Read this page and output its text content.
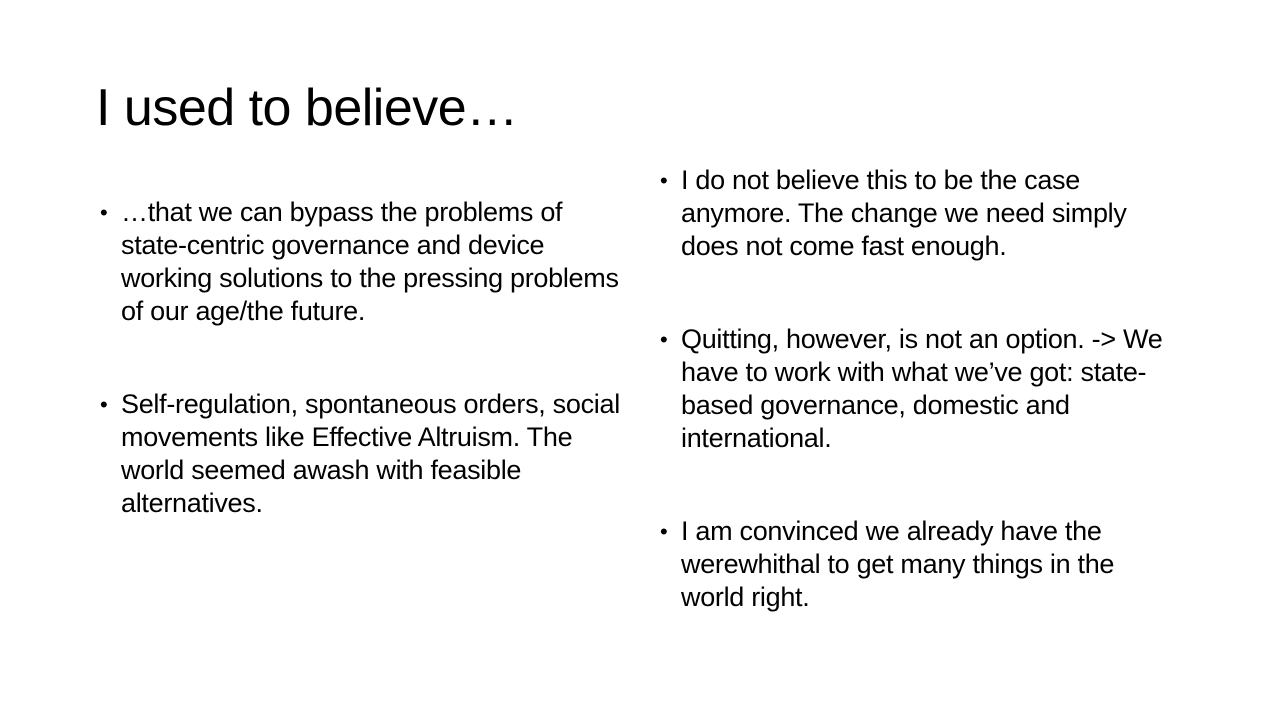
I used to believe…
• …that we can bypass the problems of state-centric governance and device working solutions to the pressing problems of our age/the future.
• Self-regulation, spontaneous orders, social movements like Effective Altruism. The world seemed awash with feasible alternatives.
• I do not believe this to be the case anymore. The change we need simply does not come fast enough.
• Quitting, however, is not an option. -> We have to work with what we’ve got: state-based governance, domestic and international.
• I am convinced we already have the werewhithal to get many things in the world right.
